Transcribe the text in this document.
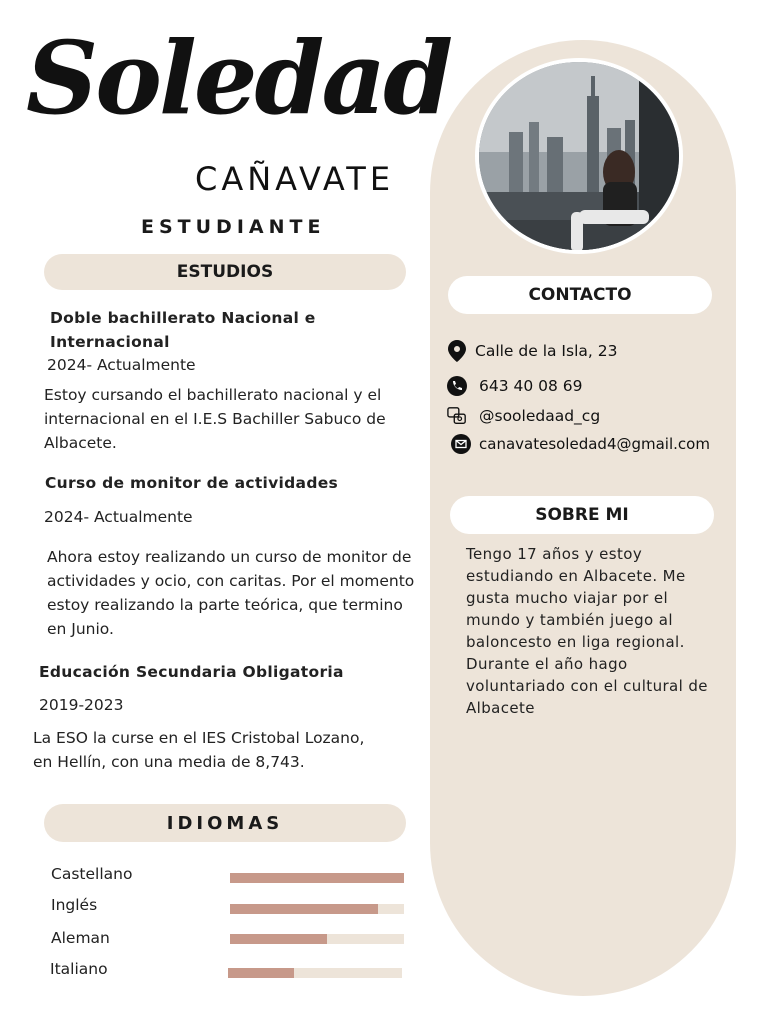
Soledad
CAÑAVATE
ESTUDIANTE
ESTUDIOS
Doble bachillerato Nacional e Internacional
2024- Actualmente
Estoy cursando el bachillerato nacional y el internacional en el I.E.S Bachiller Sabuco de Albacete.
Curso de monitor de actividades
2024- Actualmente
Ahora estoy realizando un curso de monitor de actividades y ocio, con caritas. Por el momento estoy realizando la parte teórica, que termino en Junio.
Educación Secundaria Obligatoria
2019-2023
La ESO la curse en el IES Cristobal Lozano, en Hellín, con una media de 8,743.
IDIOMAS
Castellano
Inglés
Aleman
Italiano
CONTACTO
Calle de la Isla, 23
643 40 08 69
@sooledaad_cg
canavatesoledad4@gmail.com
SOBRE MI
Tengo 17 años y estoy estudiando en Albacete. Me gusta mucho viajar por el mundo y también juego al baloncesto en liga regional. Durante el año hago voluntariado con el cultural de Albacete
